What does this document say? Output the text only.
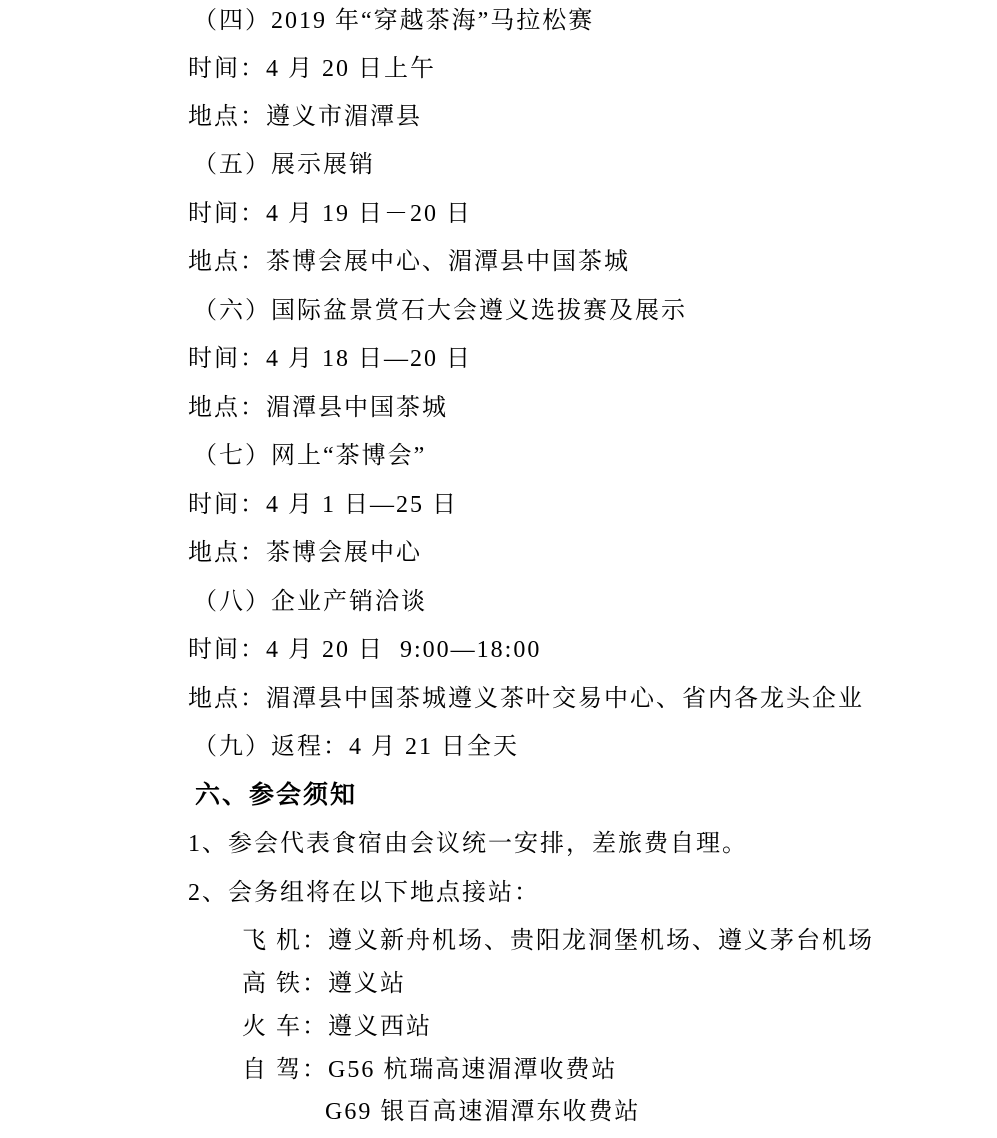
（四）2019 年“穿越茶海”马拉松赛
时间：4 月 20 日上午
地点：遵义市湄潭县
（五）展示展销
时间：4 月 19 日－20 日
地点：茶博会展中心、湄潭县中国茶城
（六）国际盆景赏石大会遵义选拔赛及展示
时间：4 月 18 日—20 日
地点：湄潭县中国茶城
（七）网上“茶博会”
时间：4 月 1 日—25 日
地点：茶博会展中心
（八）企业产销洽谈
时间：4 月 20 日  9:00—18:00
地点：湄潭县中国茶城遵义茶叶交易中心、省内各龙头企业
（九）返程：4 月 21 日全天
六、参会须知
1、参会代表食宿由会议统一安排，差旅费自理。
2、会务组将在以下地点接站：
飞 机：遵义新舟机场、贵阳龙洞堡机场、遵义茅台机场
高 铁：遵义站
火 车：遵义西站
自 驾：G56 杭瑞高速湄潭收费站
G69 银百高速湄潭东收费站
